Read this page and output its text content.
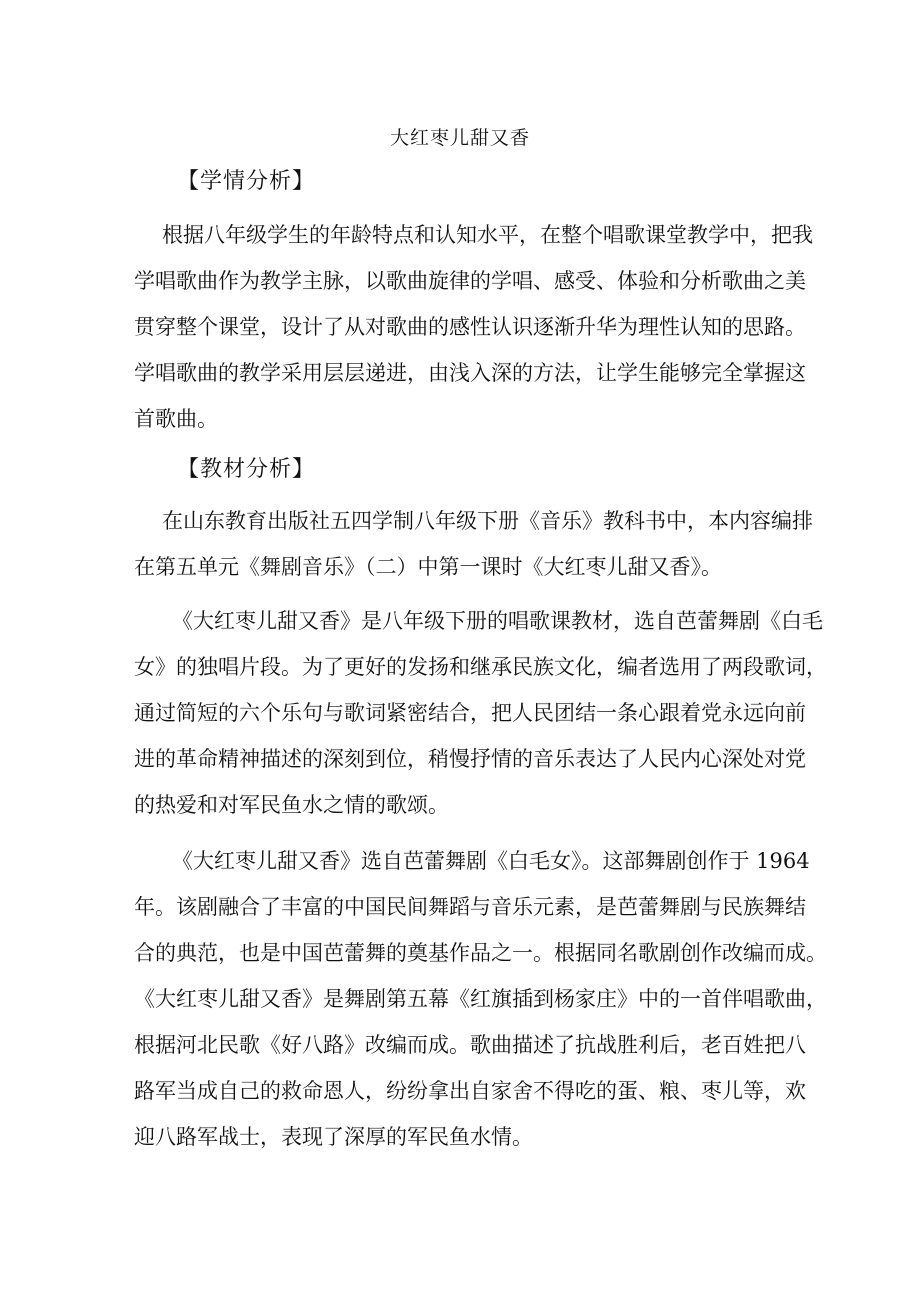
大红枣儿甜又香
【学情分析】
根据八年级学生的年龄特点和认知水平，在整个唱歌课堂教学中，把我
学唱歌曲作为教学主脉，以歌曲旋律的学唱、感受、体验和分析歌曲之美
贯穿整个课堂，设计了从对歌曲的感性认识逐渐升华为理性认知的思路。
学唱歌曲的教学采用层层递进，由浅入深的方法，让学生能够完全掌握这
首歌曲。
【教材分析】
在山东教育出版社五四学制八年级下册《音乐》教科书中，本内容编排
在第五单元《舞剧音乐》（二）中第一课时《大红枣儿甜又香》。
《大红枣儿甜又香》是八年级下册的唱歌课教材，选自芭蕾舞剧《白毛
女》的独唱片段。为了更好的发扬和继承民族文化，编者选用了两段歌词，
通过简短的六个乐句与歌词紧密结合，把人民团结一条心跟着党永远向前
进的革命精神描述的深刻到位，稍慢抒情的音乐表达了人民内心深处对党
的热爱和对军民鱼水之情的歌颂。
《大红枣儿甜又香》选自芭蕾舞剧《白毛女》。这部舞剧创作于 1964
年。该剧融合了丰富的中国民间舞蹈与音乐元素，是芭蕾舞剧与民族舞结
合的典范，也是中国芭蕾舞的奠基作品之一。根据同名歌剧创作改编而成。
《大红枣儿甜又香》是舞剧第五幕《红旗插到杨家庄》中的一首伴唱歌曲，
根据河北民歌《好八路》改编而成。歌曲描述了抗战胜利后，老百姓把八
路军当成自己的救命恩人，纷纷拿出自家舍不得吃的蛋、粮、枣儿等，欢
迎八路军战士，表现了深厚的军民鱼水情。
